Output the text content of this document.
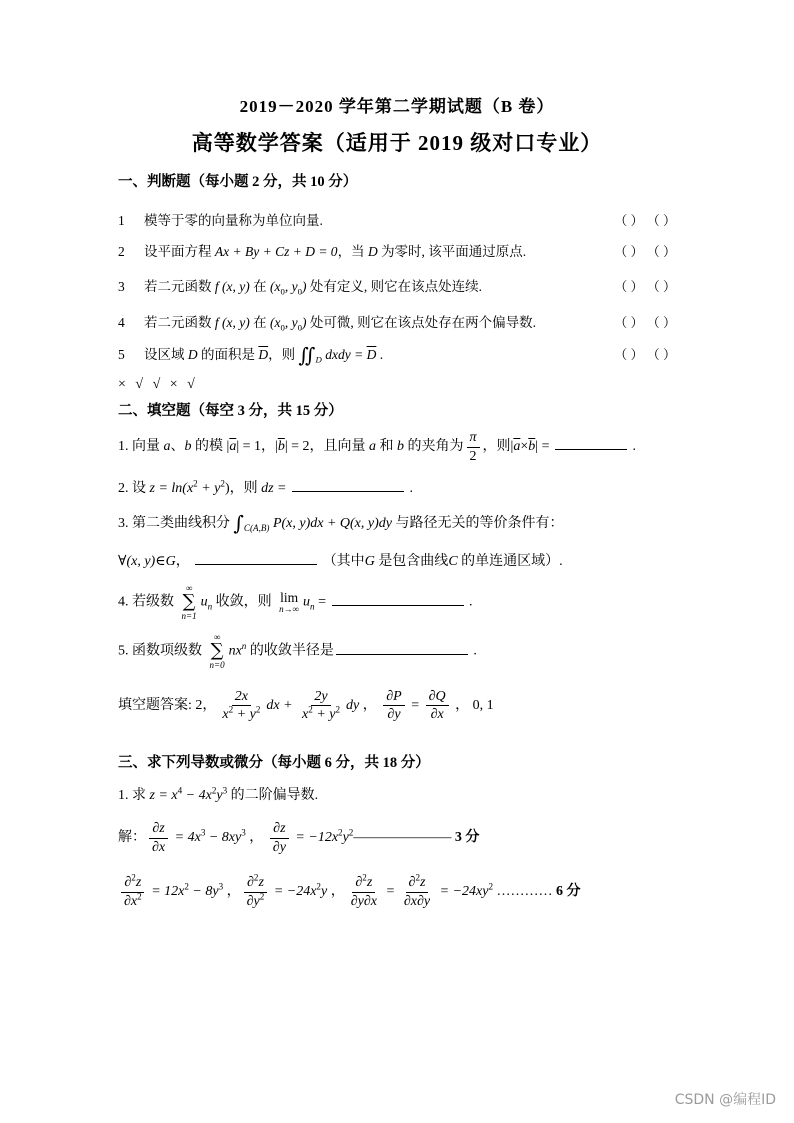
2019－2020 学年第二学期试题（B 卷）
高等数学答案（适用于 2019 级对口专业）
一、判断题（每小题 2 分，共 10 分）
1	模等于零的向量称为单位向量.	（ ） （ ）
2	设平面方程 Ax + By + Cz + D = 0，当 D 为零时, 该平面通过原点.	（ ） （ ）
3	若二元函数 f (x, y) 在 ($x_0$, $y_0$) 处有定义, 则它在该点处连续.	（ ） （ ）
4	若二元函数 f (x, y) 在 ($x_0$, $y_0$) 处可微, 则它在该点处存在两个偏导数.	（ ） （ ）
5	设区域 D 的面积是 $\overline{D}$，则 $∬_D$ dxdy = $\overline{D}$ .	（ ） （ ）
× √ √ × √
二、填空题（每空 3 分，共 15 分）
1. 向量 a、b 的模 $|\overline{a}| = 1$，$|\overline{b}| = 2$，且向量 a 和 b 的夹角为 $\frac{\pi}{2}$ ，则$|\overline{a}\times\overline{b}|$ =	.
2. 设 $z = \ln(x^2 + y^2)$，则 dz =	.
3. 第二类曲线积分 $\int_{C(A,B)}$ P(x, y)dx + Q(x, y)dy 与路径无关的等价条件有：
∀(x, y)∈G，	（其中G 是包含曲线C 的单连通区域）.
4. 若级数
∞
∑
n=1
$u_n$ 收敛，则 lim
n→∞ $u_n$ =	.
5. 函数项级数
∞
∑
n=0
$nx^n$ 的收敛半径是	.
填空题答案: 2， $\frac{2x}{x^2 + y^2}$ dx + $\frac{2y}{x^2 + y^2}$ dy ， $\frac{\partial P}{\partial y} = \frac{\partial Q}{\partial x}$ ， 0, 1
三、求下列导数或微分（每小题 6 分，共 18 分）
1. 求 $z = x^4 - 4x^2y^3$ 的二阶偏导数.
解： $\frac{\partial z}{\partial x} = 4x^3 - 8xy^3$ ， $\frac{\partial z}{\partial y}$ = $-12x^2y^2———————$ 3 分
$\frac{\partial^2z}{\partial x^2} = 12x^2 - 8y^3$ ， $\frac{\partial^2z}{\partial y^2} = -24x^2y$ ， $\frac{\partial^2z}{\partial y\partial x} = \frac{\partial^2z}{\partial x\partial y} = -24xy^2$ ………… 6 分
CSDN @编程ID
